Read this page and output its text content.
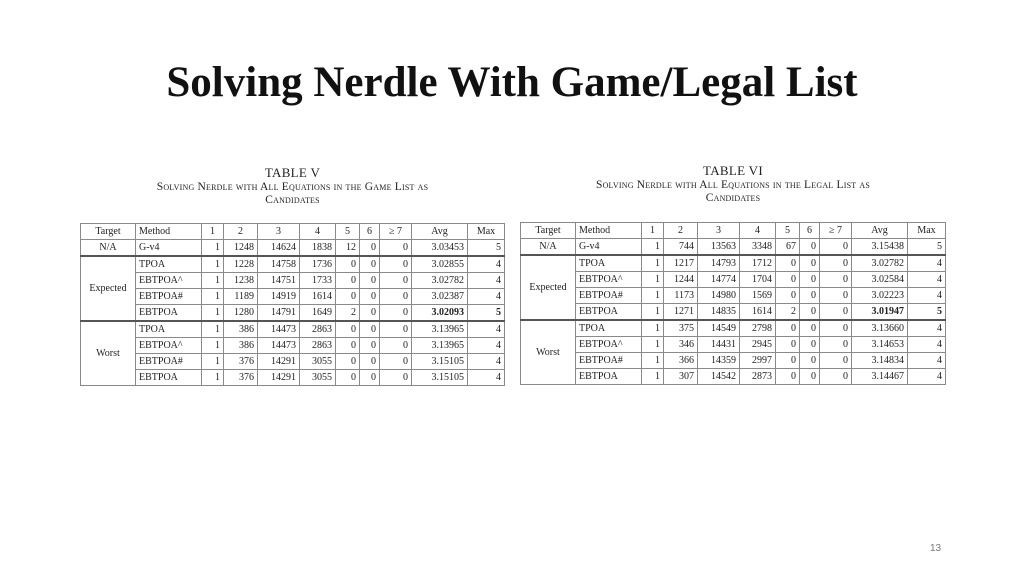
Solving Nerdle With Game/Legal List
TABLE V
Solving Nerdle with All Equations in the Game List as
Candidates
Target	Method	1	2	3	4	5	6	≥ 7	Avg	Max
N/A	G-v4	1	1248	14624	1838	12	0	0	3.03453	5
Expected	TPOA	1	1228	14758	1736	0	0	0	3.02855	4
	EBTPOA^	1	1238	14751	1733	0	0	0	3.02782	4
	EBTPOA#	1	1189	14919	1614	0	0	0	3.02387	4
	EBTPOA	1	1280	14791	1649	2	0	0	3.02093	5
Worst	TPOA	1	386	14473	2863	0	0	0	3.13965	4
	EBTPOA^	1	386	14473	2863	0	0	0	3.13965	4
	EBTPOA#	1	376	14291	3055	0	0	0	3.15105	4
	EBTPOA	1	376	14291	3055	0	0	0	3.15105	4
TABLE VI
Solving Nerdle with All Equations in the Legal List as
Candidates
Target	Method	1	2	3	4	5	6	≥ 7	Avg	Max
N/A	G-v4	1	744	13563	3348	67	0	0	3.15438	5
Expected	TPOA	1	1217	14793	1712	0	0	0	3.02782	4
	EBTPOA^	1	1244	14774	1704	0	0	0	3.02584	4
	EBTPOA#	1	1173	14980	1569	0	0	0	3.02223	4
	EBTPOA	1	1271	14835	1614	2	0	0	3.01947	5
Worst	TPOA	1	375	14549	2798	0	0	0	3.13660	4
	EBTPOA^	1	346	14431	2945	0	0	0	3.14653	4
	EBTPOA#	1	366	14359	2997	0	0	0	3.14834	4
	EBTPOA	1	307	14542	2873	0	0	0	3.14467	4
13
